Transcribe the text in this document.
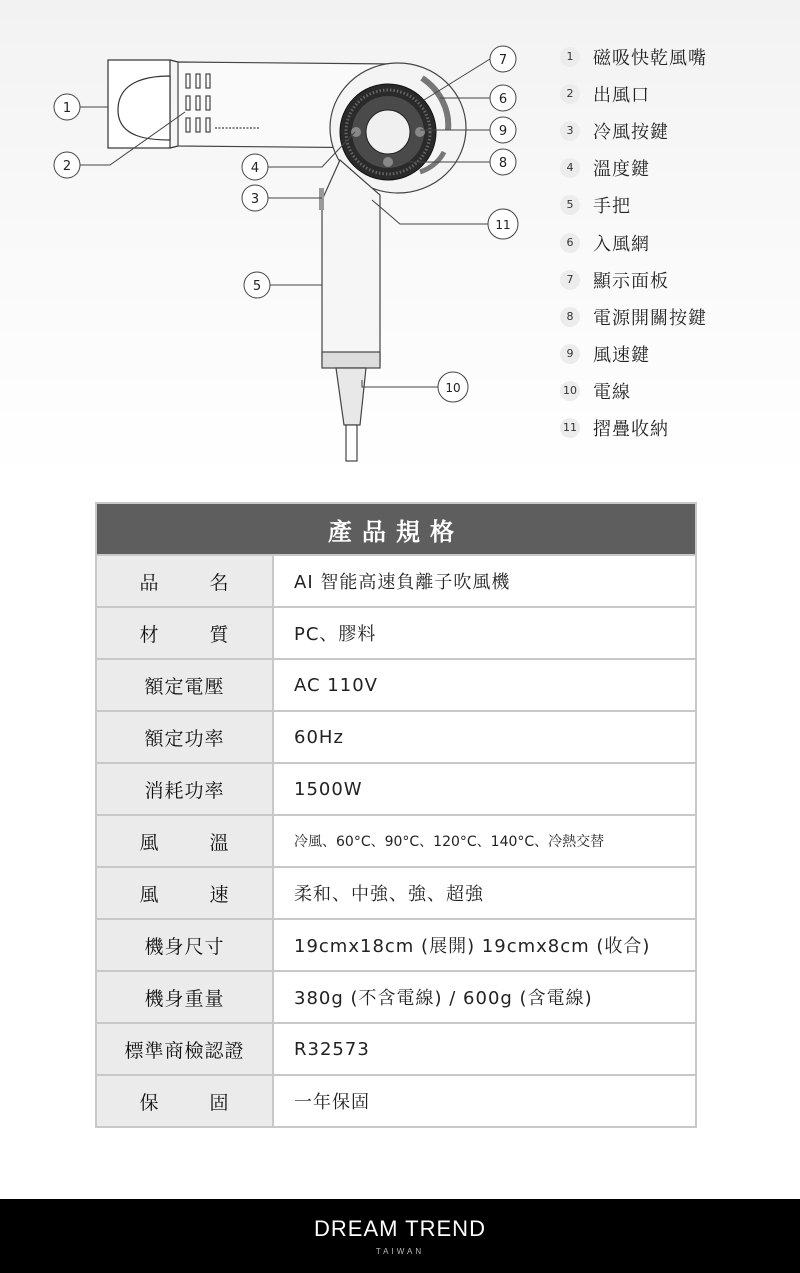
1
2
3
4
5
6
7
8
9
10
11
1	磁吸快乾風嘴
2	出風口
3	冷風按鍵
4	溫度鍵
5	手把
6	入風網
7	顯示面板
8	電源開關按鍵
9	風速鍵
10 電線
11 摺疊收納
產品規格	
品名	AI 智能高速負離子吹風機
材質	PC、膠料
額定電壓	AC 110V
額定功率	60Hz
消耗功率	1500W
風溫	冷風、60°C、90°C、120°C、140°C、冷熱交替
風速	柔和、中強、強、超強
機身尺寸	19cmx18cm (展開) 19cmx8cm (收合)
機身重量	380g (不含電線) / 600g (含電線)
標準商檢認證	R32573
保固	一年保固
DREAM TREND
TAIWAN
